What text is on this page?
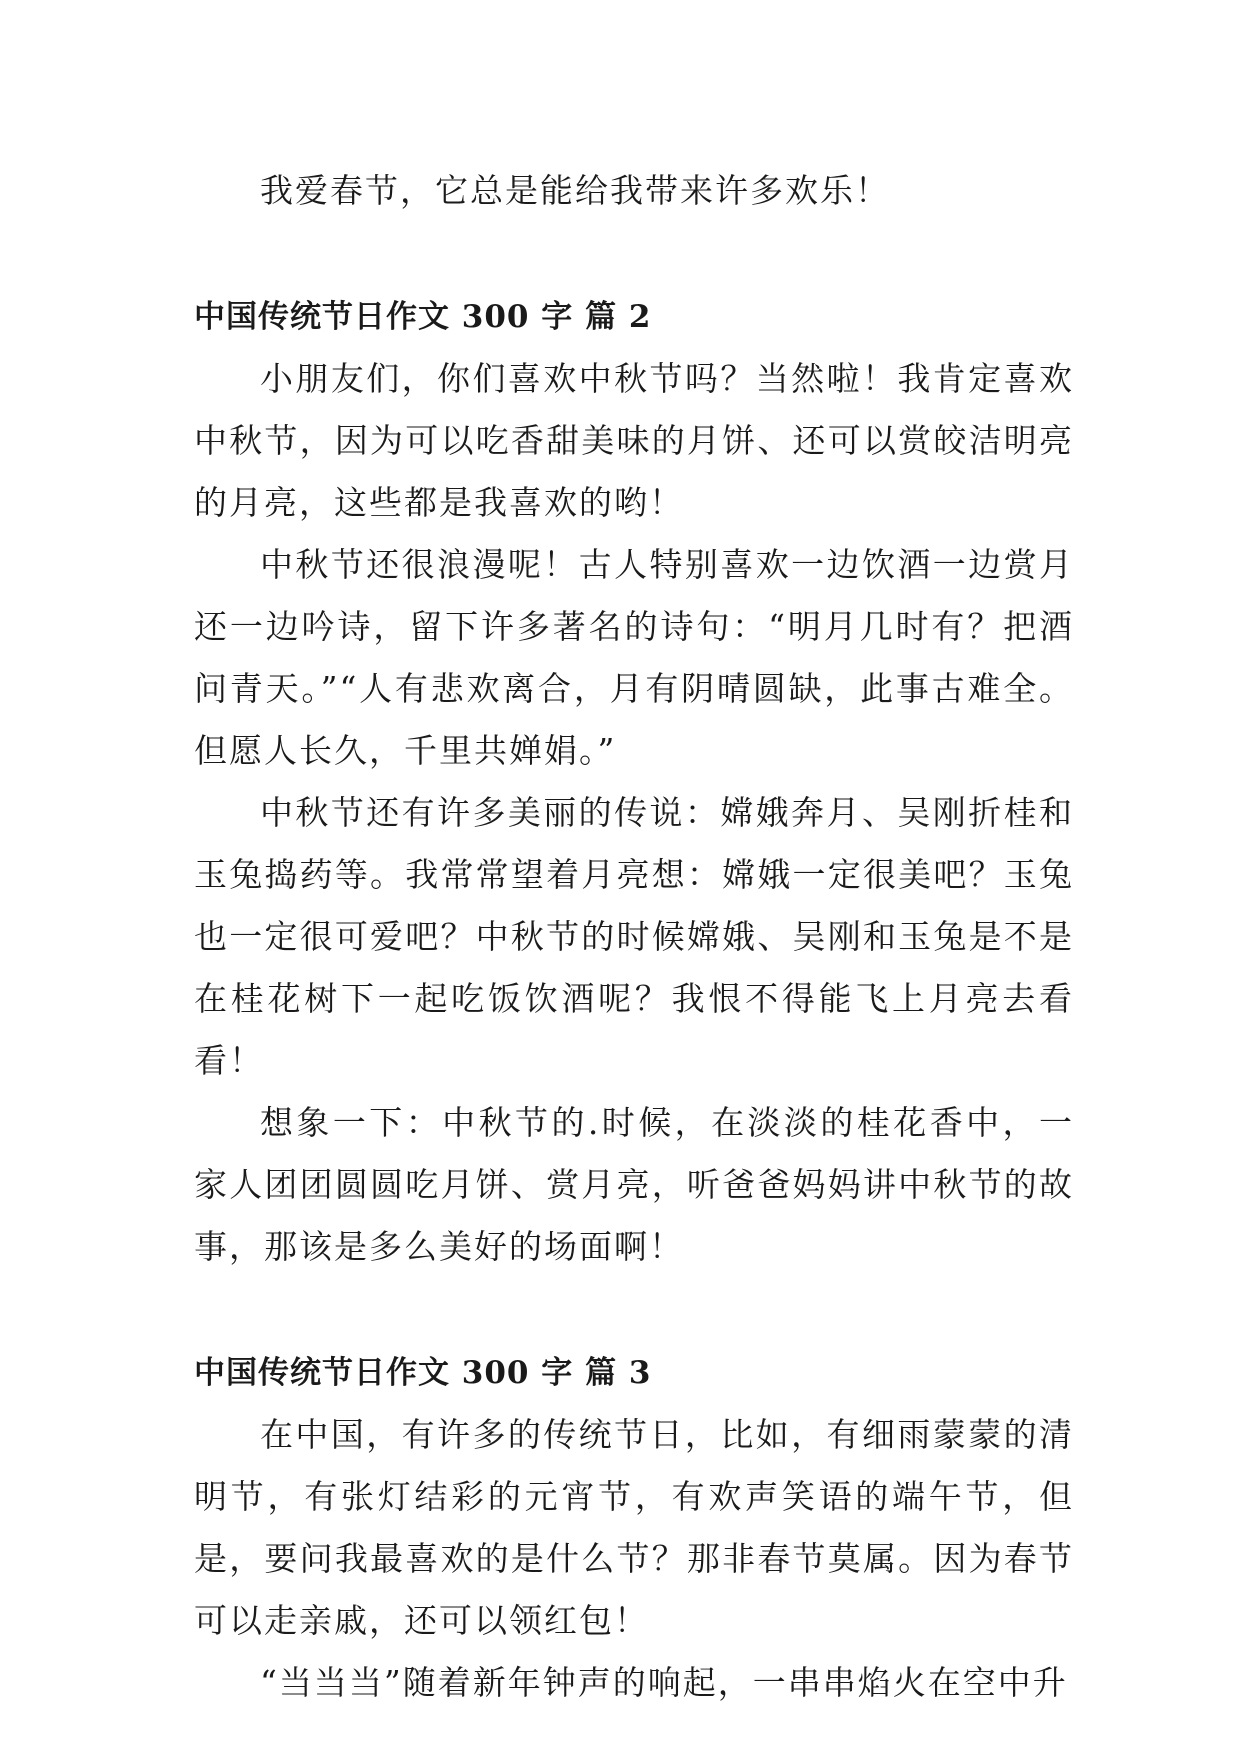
我爱春节，它总是能给我带来许多欢乐！

中国传统节日作文 300 字 篇 2

小朋友们，你们喜欢中秋节吗？当然啦！我肯定喜欢中秋节，因为可以吃香甜美味的月饼、还可以赏皎洁明亮的月亮，这些都是我喜欢的哟！

中秋节还很浪漫呢！古人特别喜欢一边饮酒一边赏月还一边吟诗，留下许多著名的诗句：“明月几时有？把酒问青天。”“人有悲欢离合，月有阴晴圆缺，此事古难全。但愿人长久，千里共婵娟。”

中秋节还有许多美丽的传说：嫦娥奔月、吴刚折桂和玉兔捣药等。我常常望着月亮想：嫦娥一定很美吧？玉兔也一定很可爱吧？中秋节的时候嫦娥、吴刚和玉兔是不是在桂花树下一起吃饭饮酒呢？我恨不得能飞上月亮去看看！

想象一下：中秋节的.时候，在淡淡的桂花香中，一家人团团圆圆吃月饼、赏月亮，听爸爸妈妈讲中秋节的故事，那该是多么美好的场面啊！

中国传统节日作文 300 字 篇 3

在中国，有许多的传统节日，比如，有细雨蒙蒙的清明节，有张灯结彩的元宵节，有欢声笑语的端午节，但是，要问我最喜欢的是什么节？那非春节莫属。因为春节可以走亲戚，还可以领红包！

“当当当”随着新年钟声的响起，一串串焰火在空中升
